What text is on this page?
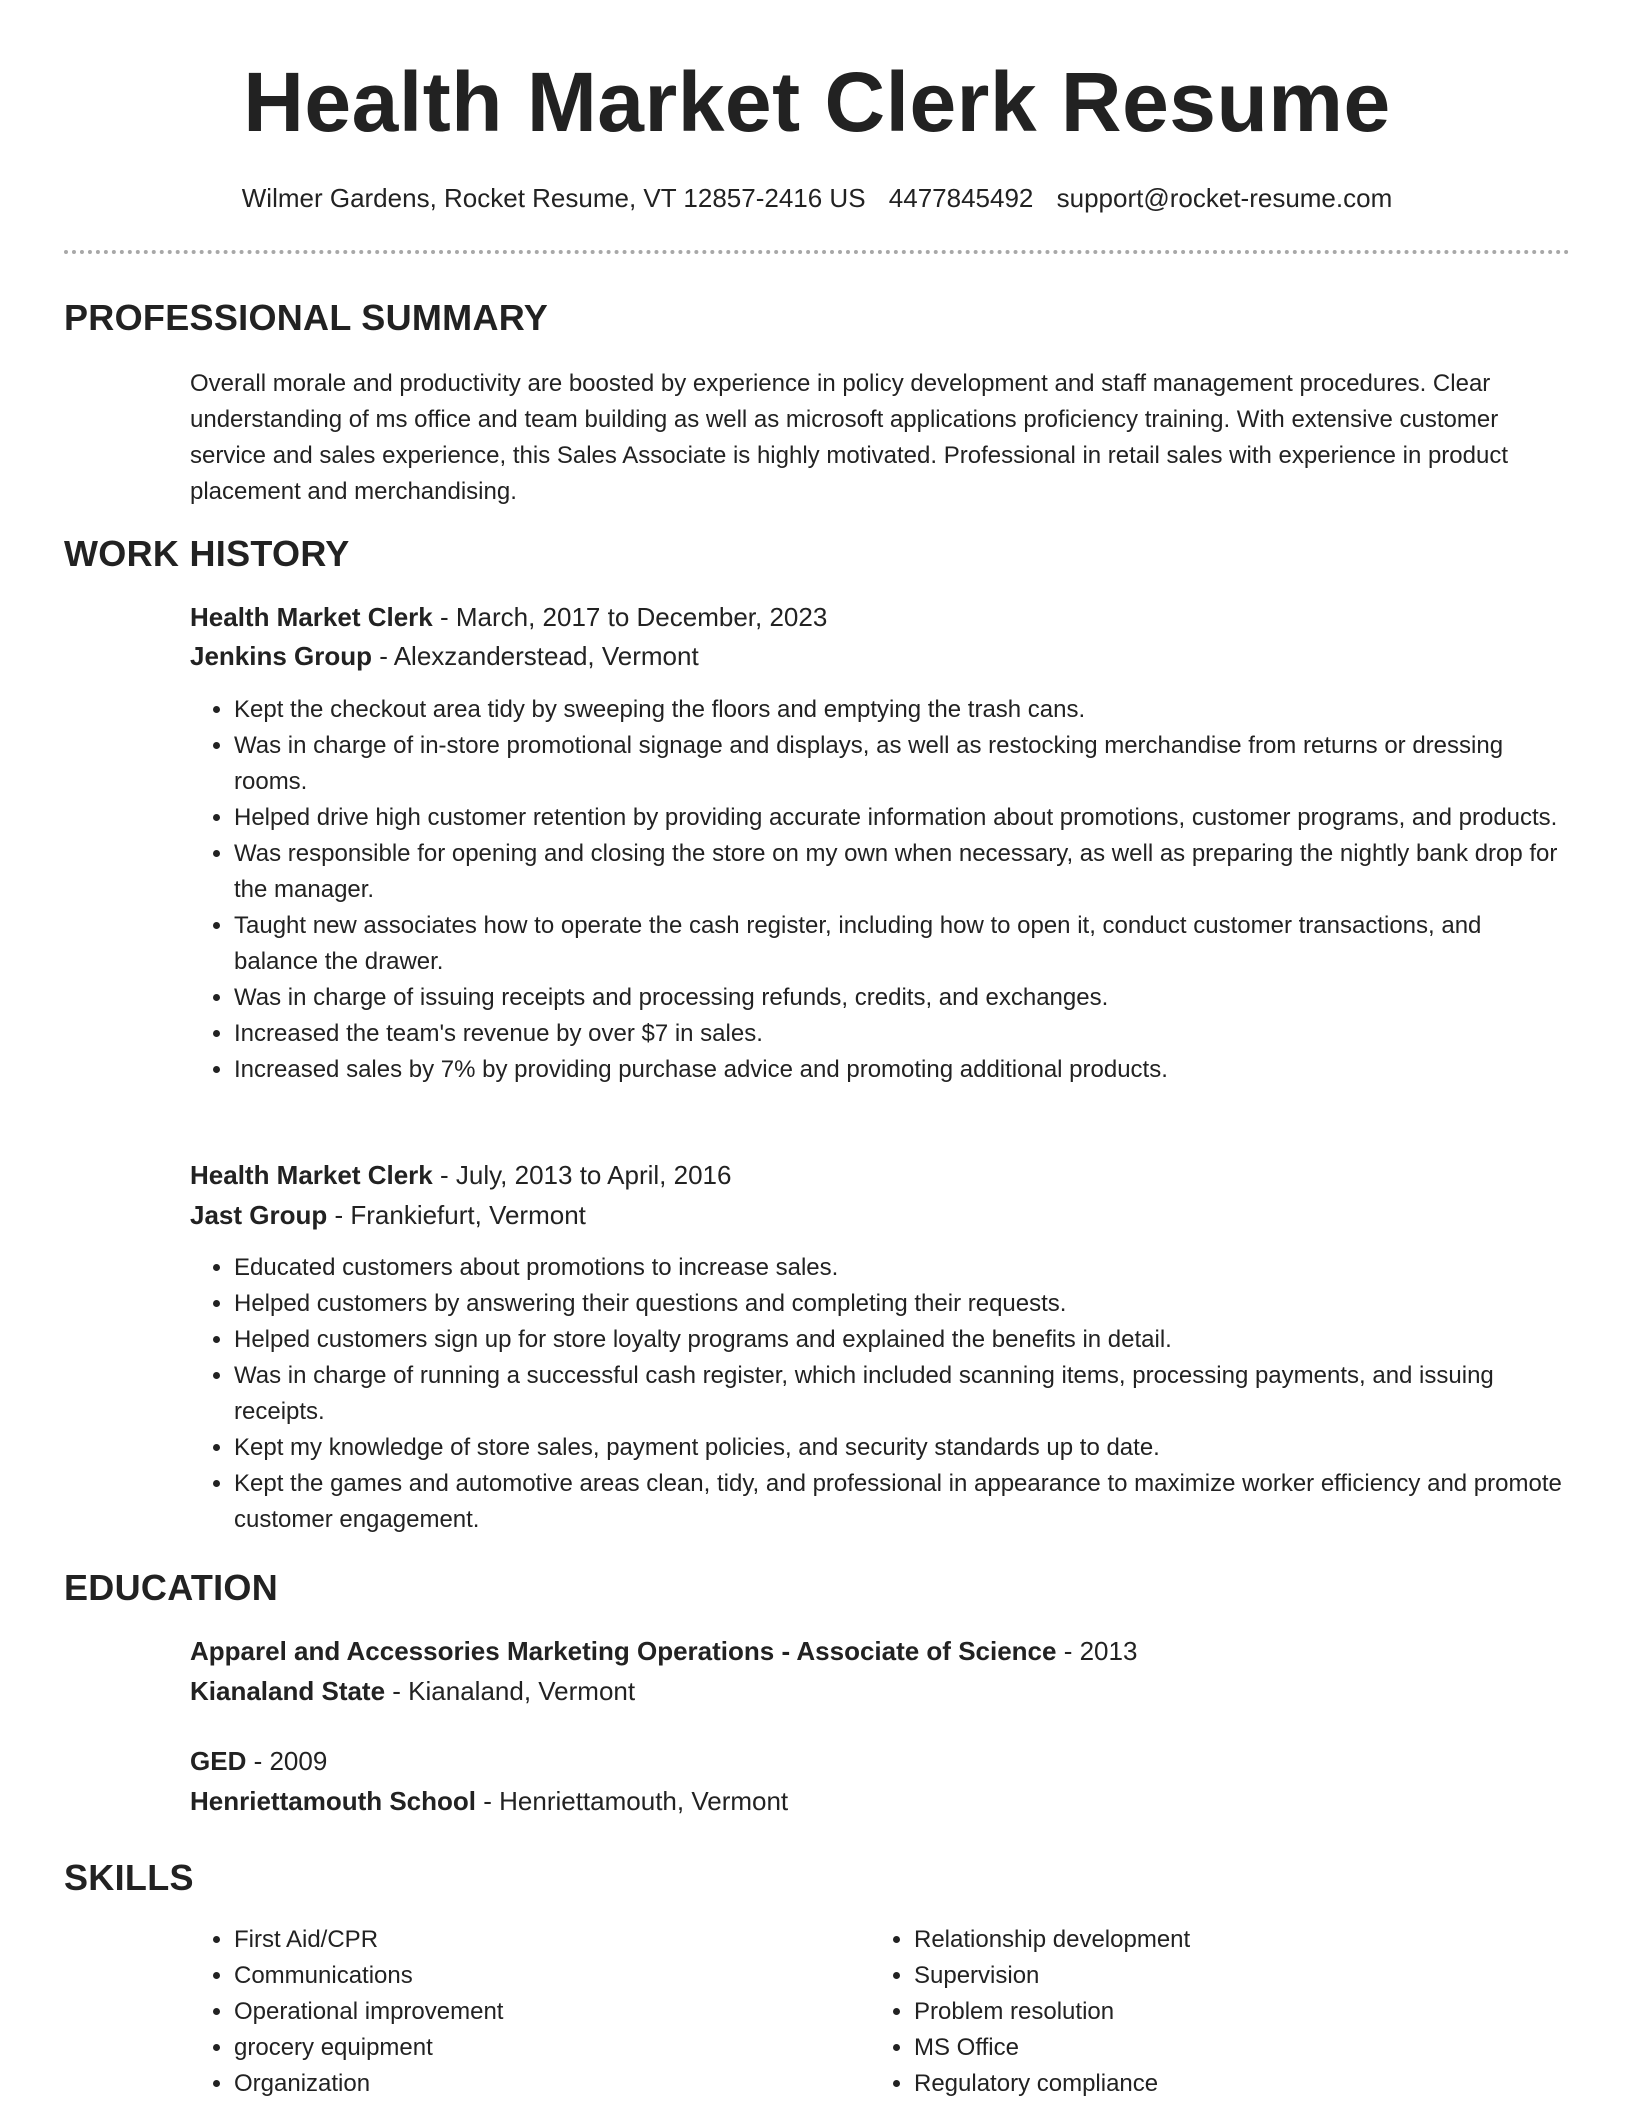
Health Market Clerk Resume
Wilmer Gardens, Rocket Resume, VT 12857-2416 US 4477845492 support@rocket-resume.com
PROFESSIONAL SUMMARY
Overall morale and productivity are boosted by experience in policy development and staff management procedures. Clear understanding of ms office and team building as well as microsoft applications proficiency training. With extensive customer service and sales experience, this Sales Associate is highly motivated. Professional in retail sales with experience in product placement and merchandising.
WORK HISTORY
Health Market Clerk - March, 2017 to December, 2023
Jenkins Group - Alexzanderstead, Vermont
• Kept the checkout area tidy by sweeping the floors and emptying the trash cans.
• Was in charge of in-store promotional signage and displays, as well as restocking merchandise from returns or dressing rooms.
• Helped drive high customer retention by providing accurate information about promotions, customer programs, and products.
• Was responsible for opening and closing the store on my own when necessary, as well as preparing the nightly bank drop for the manager.
• Taught new associates how to operate the cash register, including how to open it, conduct customer transactions, and balance the drawer.
• Was in charge of issuing receipts and processing refunds, credits, and exchanges.
• Increased the team's revenue by over $7 in sales.
• Increased sales by 7% by providing purchase advice and promoting additional products.
Health Market Clerk - July, 2013 to April, 2016
Jast Group - Frankiefurt, Vermont
• Educated customers about promotions to increase sales.
• Helped customers by answering their questions and completing their requests.
• Helped customers sign up for store loyalty programs and explained the benefits in detail.
• Was in charge of running a successful cash register, which included scanning items, processing payments, and issuing receipts.
• Kept my knowledge of store sales, payment policies, and security standards up to date.
• Kept the games and automotive areas clean, tidy, and professional in appearance to maximize worker efficiency and promote customer engagement.
EDUCATION
Apparel and Accessories Marketing Operations - Associate of Science - 2013
Kianaland State - Kianaland, Vermont
GED - 2009
Henriettamouth School - Henriettamouth, Vermont
SKILLS
• First Aid/CPR
• Communications
• Operational improvement
• grocery equipment
• Organization
• Relationship development
• Supervision
• Problem resolution
• MS Office
• Regulatory compliance
